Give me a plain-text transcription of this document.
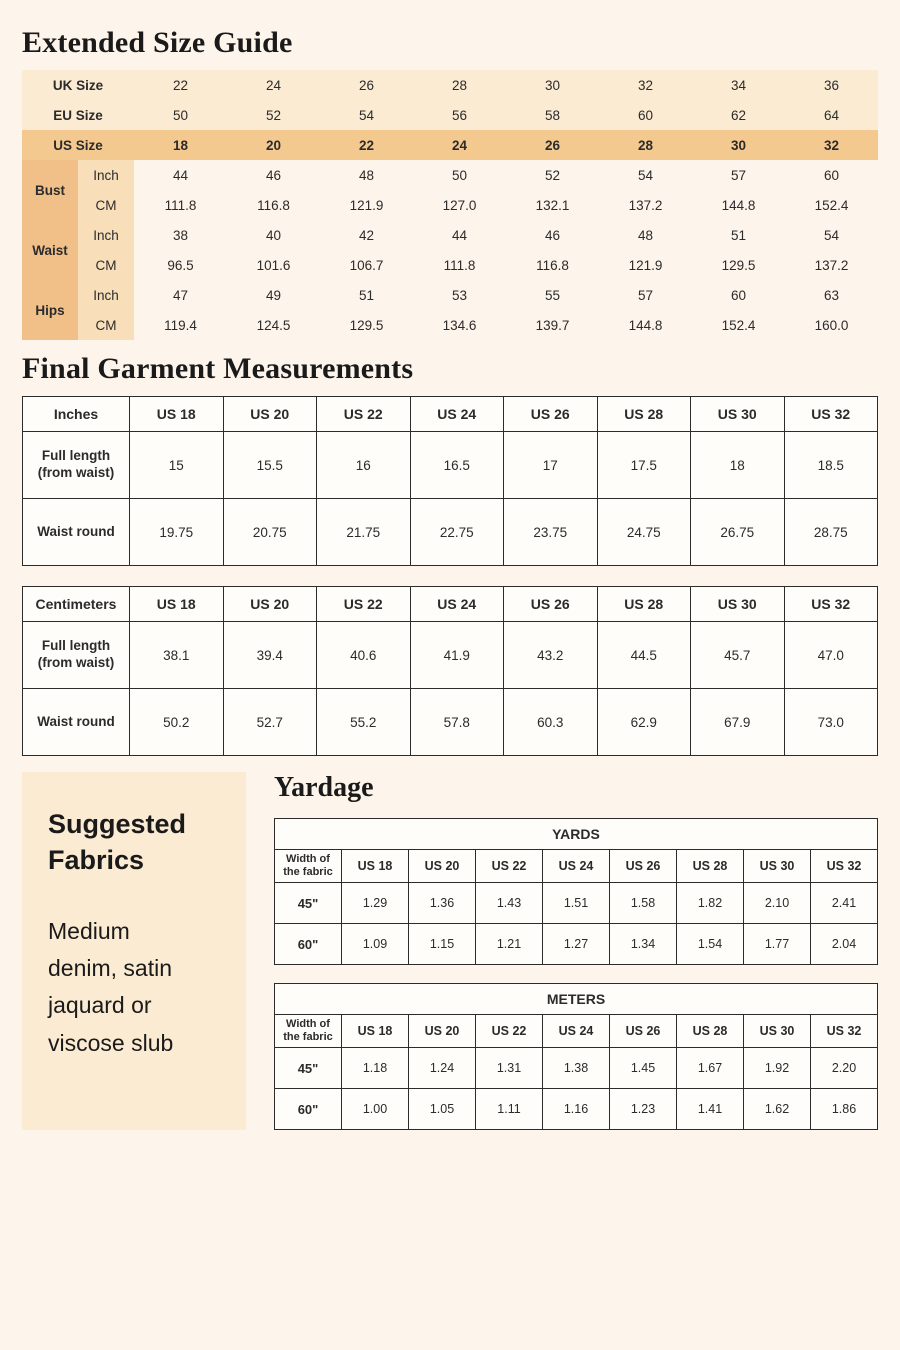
Extended Size Guide
UK Size		22	24	26	28	30	32	34	36
EU Size		50	52	54	56	58	60	62	64
US Size		18	20	22	24	26	28	30	32
Bust	Inch	44	46	48	50	52	54	57	60
	CM	111.8	116.8	121.9	127.0	132.1	137.2	144.8	152.4
Waist	Inch	38	40	42	44	46	48	51	54
	CM	96.5	101.6	106.7	111.8	116.8	121.9	129.5	137.2
Hips	Inch	47	49	51	53	55	57	60	63
	CM	119.4	124.5	129.5	134.6	139.7	144.8	152.4	160.0
Final Garment Measurements
Inches	US 18	US 20	US 22	US 24	US 26	US 28	US 30	US 32
Full length
(from waist)	15	15.5	16	16.5	17	17.5	18	18.5
Waist round	19.75	20.75	21.75	22.75	23.75	24.75	26.75	28.75
Centimeters	US 18	US 20	US 22	US 24	US 26	US 28	US 30	US 32
Full length
(from waist)	38.1	39.4	40.6	41.9	43.2	44.5	45.7	47.0
Waist round	50.2	52.7	55.2	57.8	60.3	62.9	67.9	73.0
Suggested
Fabrics
Medium
denim, satin
jaquard or
viscose slub
Yardage
YARDS								
Width of
the fabric	US 18	US 20	US 22	US 24	US 26	US 28	US 30	US 32
45"	1.29	1.36	1.43	1.51	1.58	1.82	2.10	2.41
60"	1.09	1.15	1.21	1.27	1.34	1.54	1.77	2.04
METERS								
Width of
the fabric	US 18	US 20	US 22	US 24	US 26	US 28	US 30	US 32
45"	1.18	1.24	1.31	1.38	1.45	1.67	1.92	2.20
60"	1.00	1.05	1.11	1.16	1.23	1.41	1.62	1.86
